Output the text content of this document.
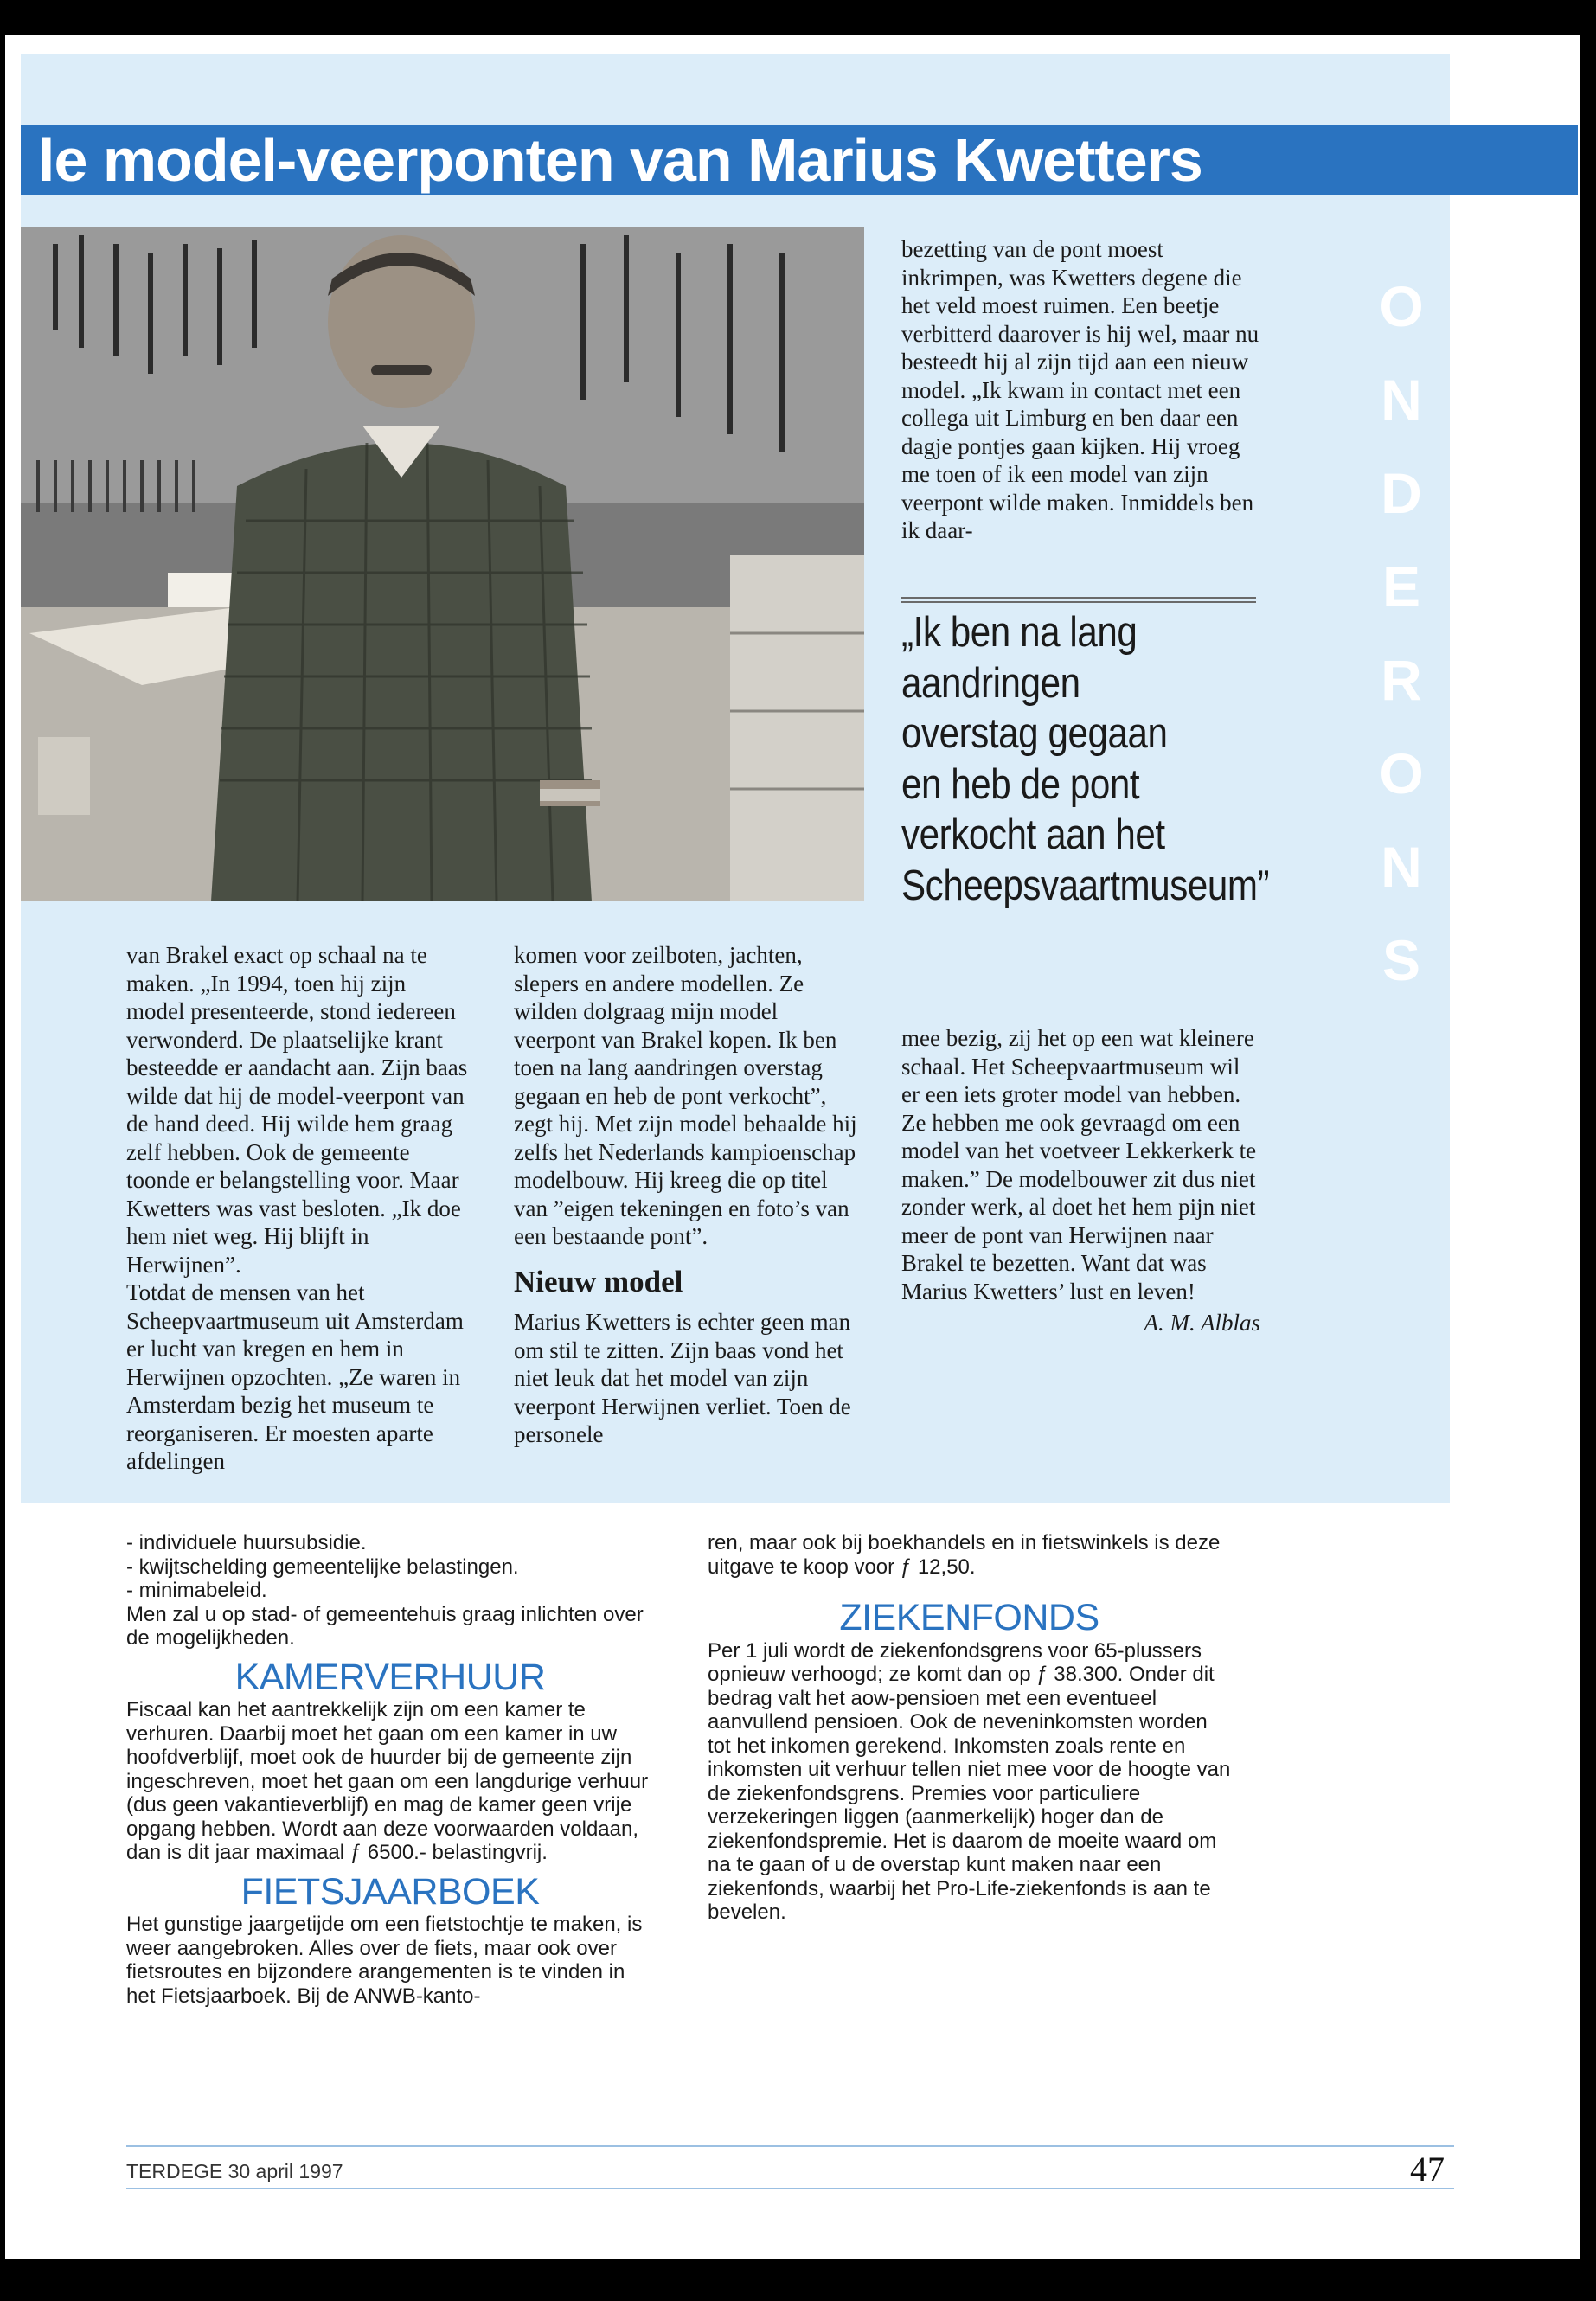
le model-veerponten van Marius Kwetters
O
N
D
E
R
O
N
S

van Brakel exact op schaal na te maken. „In 1994, toen hij zijn model presenteerde, stond iedereen verwonderd. De plaatselijke krant besteedde er aandacht aan. Zijn baas wilde dat hij de model-veerpont van de hand deed. Hij wilde hem graag zelf hebben. Ook de gemeente toonde er belangstelling voor. Maar Kwetters was vast besloten. „Ik doe hem niet weg. Hij blijft in Herwijnen”.

Totdat de mensen van het Scheepvaartmuseum uit Amsterdam er lucht van kregen en hem in Herwijnen opzochten. „Ze waren in Amsterdam bezig het museum te reorganiseren. Er moesten aparte afdelingen

komen voor zeilboten, jachten, slepers en andere modellen. Ze wilden dolgraag mijn model veerpont van Brakel kopen. Ik ben toen na lang aandringen overstag gegaan en heb de pont verkocht”, zegt hij. Met zijn model behaalde hij zelfs het Nederlands kampioenschap modelbouw. Hij kreeg die op titel van ”eigen tekeningen en foto’s van een bestaande pont”.

Nieuw model

Marius Kwetters is echter geen man om stil te zitten. Zijn baas vond het niet leuk dat het model van zijn veerpont Herwijnen verliet. Toen de personele

bezetting van de pont moest inkrimpen, was Kwetters degene die het veld moest ruimen. Een beetje verbitterd daarover is hij wel, maar nu besteedt hij al zijn tijd aan een nieuw model. „Ik kwam in contact met een collega uit Limburg en ben daar een dagje pontjes gaan kijken. Hij vroeg me toen of ik een model van zijn veerpont wilde maken. Inmiddels ben ik daar-

„Ik ben na lang aandringen overstag gegaan en heb de pont verkocht aan het Scheepsvaartmuseum”

mee bezig, zij het op een wat kleinere schaal. Het Scheepvaartmuseum wil er een iets groter model van hebben. Ze hebben me ook gevraagd om een model van het voetveer Lekkerkerk te maken.” De modelbouwer zit dus niet zonder werk, al doet het hem pijn niet meer de pont van Herwijnen naar Brakel te bezetten. Want dat was Marius Kwetters’ lust en leven!

A. M. Alblas

- individuele huursubsidie.

- kwijtschelding gemeentelijke belastingen.

- minimabeleid.

Men zal u op stad- of gemeentehuis graag inlichten over de mogelijkheden.

KAMERVERHUUR

Fiscaal kan het aantrekkelijk zijn om een kamer te verhuren. Daarbij moet het gaan om een kamer in uw hoofdverblijf, moet ook de huurder bij de gemeente zijn ingeschreven, moet het gaan om een langdurige verhuur (dus geen vakantieverblijf) en mag de kamer geen vrije opgang hebben. Wordt aan deze voorwaarden voldaan, dan is dit jaar maximaal ƒ 6500.- belastingvrij.

FIETSJAARBOEK

Het gunstige jaargetijde om een fietstochtje te maken, is weer aangebroken. Alles over de fiets, maar ook over fietsroutes en bijzondere arangementen is te vinden in het Fietsjaarboek. Bij de ANWB-kanto-

ren, maar ook bij boekhandels en in fietswinkels is deze uitgave te koop voor ƒ 12,50.

ZIEKENFONDS

Per 1 juli wordt de ziekenfondsgrens voor 65-plussers opnieuw verhoogd; ze komt dan op ƒ 38.300. Onder dit bedrag valt het aow-pensioen met een eventueel aanvullend pensioen. Ook de neveninkomsten worden tot het inkomen gerekend. Inkomsten zoals rente en inkomsten uit verhuur tellen niet mee voor de hoogte van de ziekenfondsgrens. Premies voor particuliere verzekeringen liggen (aanmerkelijk) hoger dan de ziekenfondspremie. Het is daarom de moeite waard om na te gaan of u de overstap kunt maken naar een ziekenfonds, waarbij het Pro-Life-ziekenfonds is aan te bevelen.

TERDEGE 30 april 1997	47
